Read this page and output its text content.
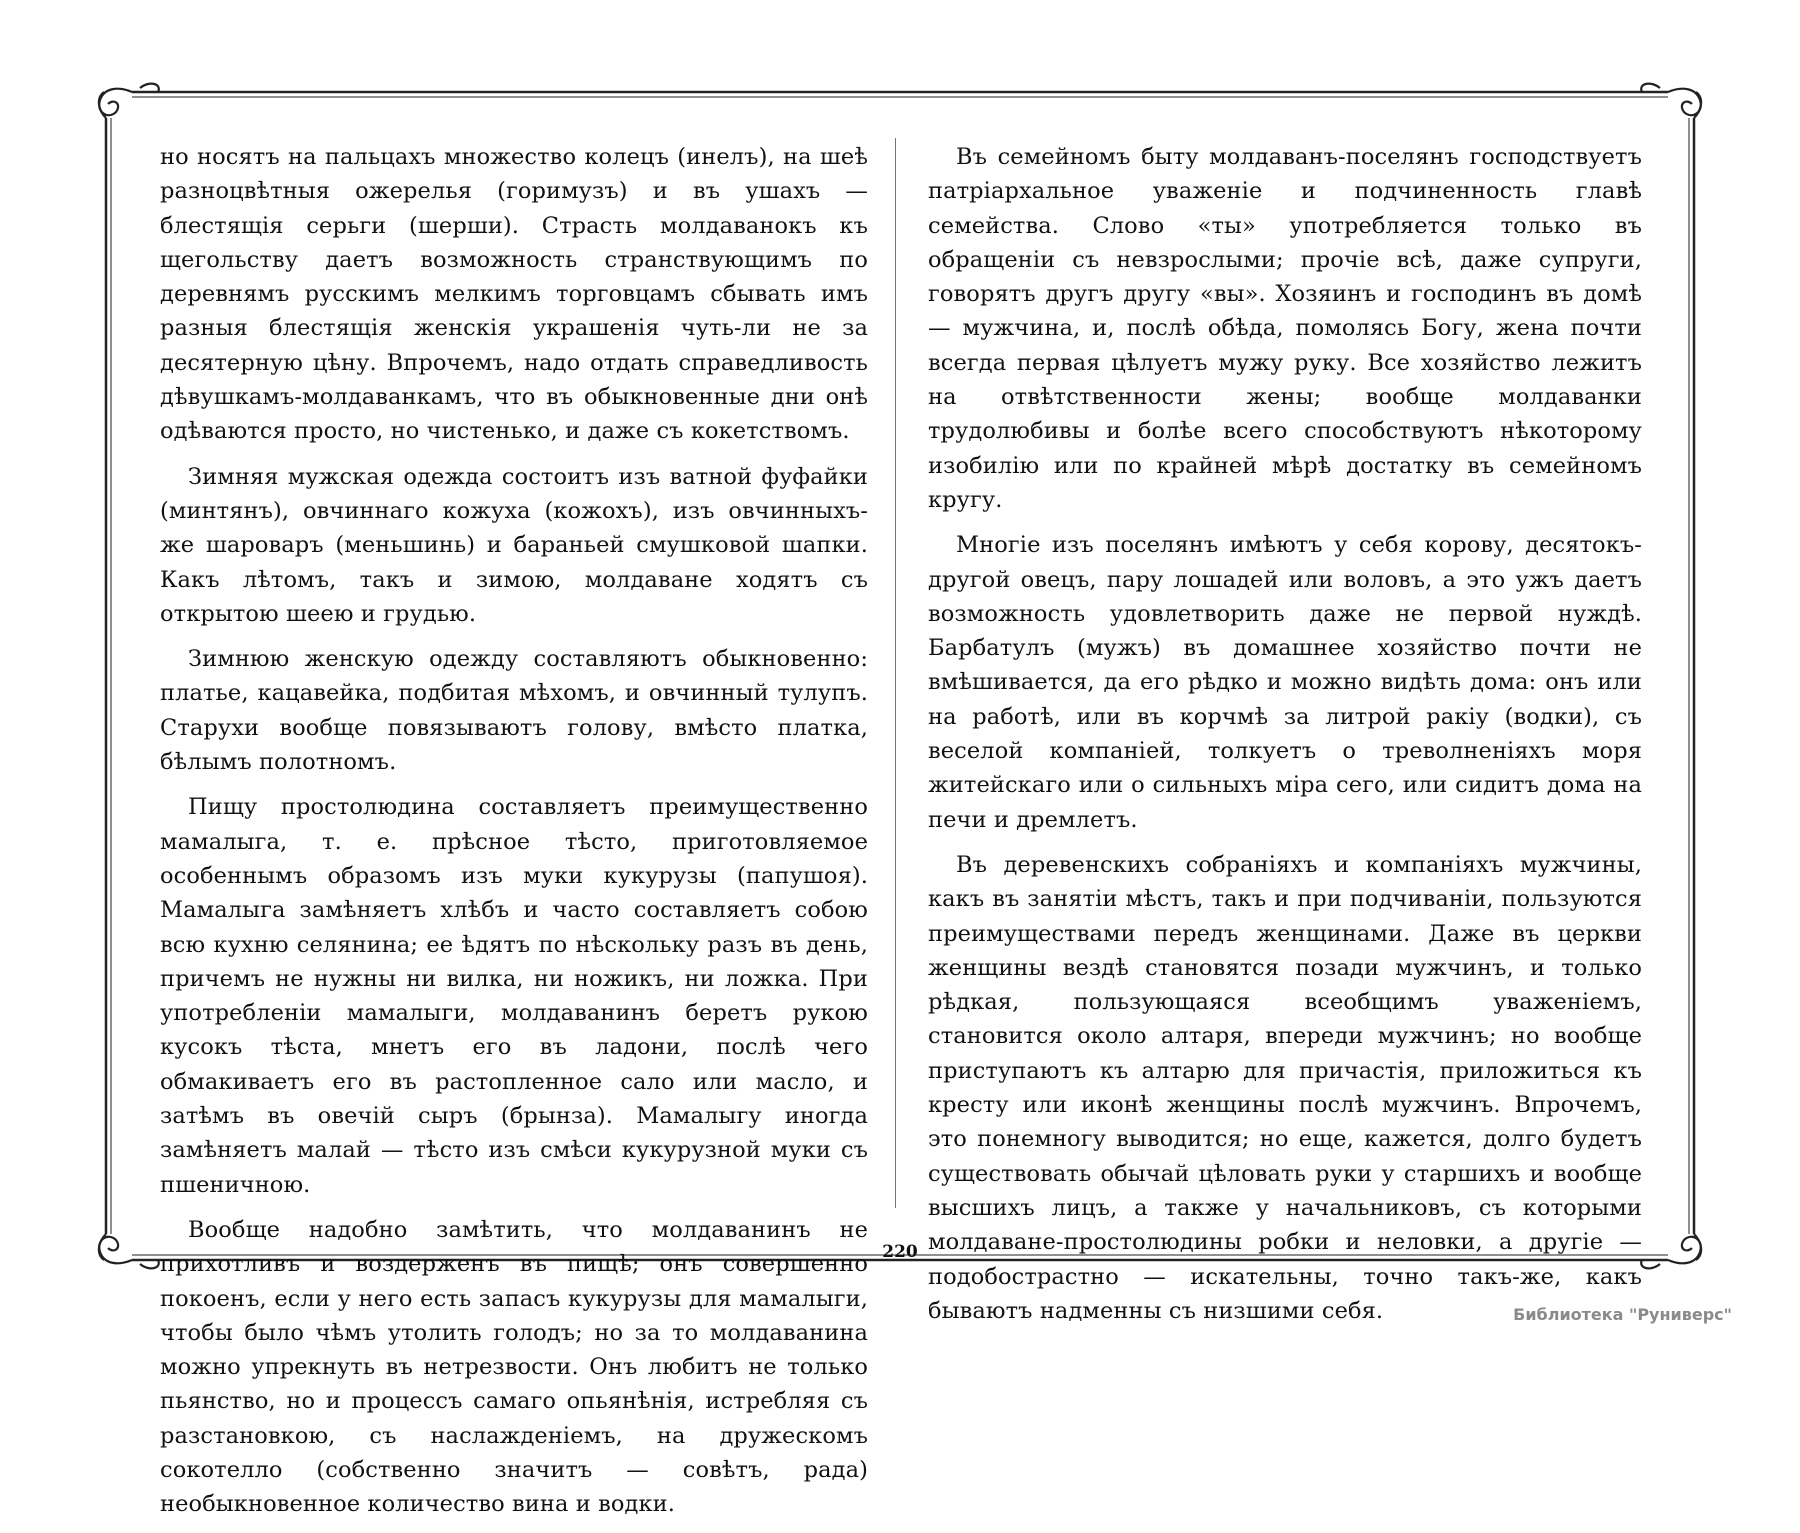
но носятъ на пальцахъ множество колецъ (инелъ), на шеѣ разноцвѣтныя ожерелья (горимузъ) и въ ушахъ — блестящія серьги (шерши). Страсть молдаванокъ къ щегольству даетъ возможность странствующимъ по деревнямъ русскимъ мелкимъ торговцамъ сбывать имъ разныя блестящія женскія украшенія чуть-ли не за десятерную цѣну. Впрочемъ, надо отдать справедливость дѣвушкамъ-молдаванкамъ, что въ обыкновенные дни онѣ одѣваются просто, но чистенько, и даже съ кокетствомъ.

Зимняя мужская одежда состоитъ изъ ватной фуфайки (минтянъ), овчиннаго кожуха (кожохъ), изъ овчинныхъ-же шароваръ (меньшинь) и бараньей смушковой шапки. Какъ лѣтомъ, такъ и зимою, молдаване ходятъ съ открытою шеею и грудью.

Зимнюю женскую одежду составляютъ обыкновенно: платье, кацавейка, подбитая мѣхомъ, и овчинный тулупъ. Старухи вообще повязываютъ голову, вмѣсто платка, бѣлымъ полотномъ.

Пищу простолюдина составляетъ преимущественно мамалыга, т. е. прѣсное тѣсто, приготовляемое особеннымъ образомъ изъ муки кукурузы (папушоя). Мамалыга замѣняетъ хлѣбъ и часто составляетъ собою всю кухню селянина; ее ѣдятъ по нѣскольку разъ въ день, причемъ не нужны ни вилка, ни ножикъ, ни ложка. При употребленіи мамалыги, молдаванинъ беретъ рукою кусокъ тѣста, мнетъ его въ ладони, послѣ чего обмакиваетъ его въ растопленное сало или масло, и затѣмъ въ овечій сыръ (брынза). Мамалыгу иногда замѣняетъ малай — тѣсто изъ смѣси кукурузной муки съ пшеничною.

Вообще надобно замѣтить, что молдаванинъ не прихотливъ и воздерженъ въ пищѣ; онъ совершенно покоенъ, если у него есть запасъ кукурузы для мамалыги, чтобы было чѣмъ утолить голодъ; но за то молдаванина можно упрекнуть въ нетрезвости. Онъ любитъ не только пьянство, но и процессъ самаго опьянѣнія, истребляя съ разстановкою, съ наслажденіемъ, на дружескомъ сокотелло (собственно значитъ — совѣтъ, рада) необыкновенное количество вина и водки.

Въ семейномъ быту молдаванъ-поселянъ господствуетъ патріархальное уваженіе и подчиненность главѣ семейства. Слово «ты» употребляется только въ обращеніи съ невзрослыми; прочіе всѣ, даже супруги, говорятъ другъ другу «вы». Хозяинъ и господинъ въ домѣ — мужчина, и, послѣ обѣда, помолясь Богу, жена почти всегда первая цѣлуетъ мужу руку. Все хозяйство лежитъ на отвѣтственности жены; вообще молдаванки трудолюбивы и болѣе всего способствуютъ нѣкоторому изобилію или по крайней мѣрѣ достатку въ семейномъ кругу.

Многіе изъ поселянъ имѣютъ у себя корову, десятокъ-другой овецъ, пару лошадей или воловъ, а это ужъ даетъ возможность удовлетворить даже не первой нуждѣ. Барбатулъ (мужъ) въ домашнее хозяйство почти не вмѣшивается, да его рѣдко и можно видѣть дома: онъ или на работѣ, или въ корчмѣ за литрой ракіу (водки), съ веселой компаніей, толкуетъ о треволненіяхъ моря житейскаго или о сильныхъ міра сего, или сидитъ дома на печи и дремлетъ.

Въ деревенскихъ собраніяхъ и компаніяхъ мужчины, какъ въ занятіи мѣстъ, такъ и при подчиваніи, пользуются преимуществами передъ женщинами. Даже въ церкви женщины вездѣ становятся позади мужчинъ, и только рѣдкая, пользующаяся всеобщимъ уваженіемъ, становится около алтаря, впереди мужчинъ; но вообще приступаютъ къ алтарю для причастія, приложиться къ кресту или иконѣ женщины послѣ мужчинъ. Впрочемъ, это понемногу выводится; но еще, кажется, долго будетъ существовать обычай цѣловать руки у старшихъ и вообще высшихъ лицъ, а также у начальниковъ, съ которыми молдаване-простолюдины робки и неловки, а другіе — подобострастно — искательны, точно такъ-же, какъ бываютъ надменны съ низшими себя.

220
Библиотека "Руниверс"
